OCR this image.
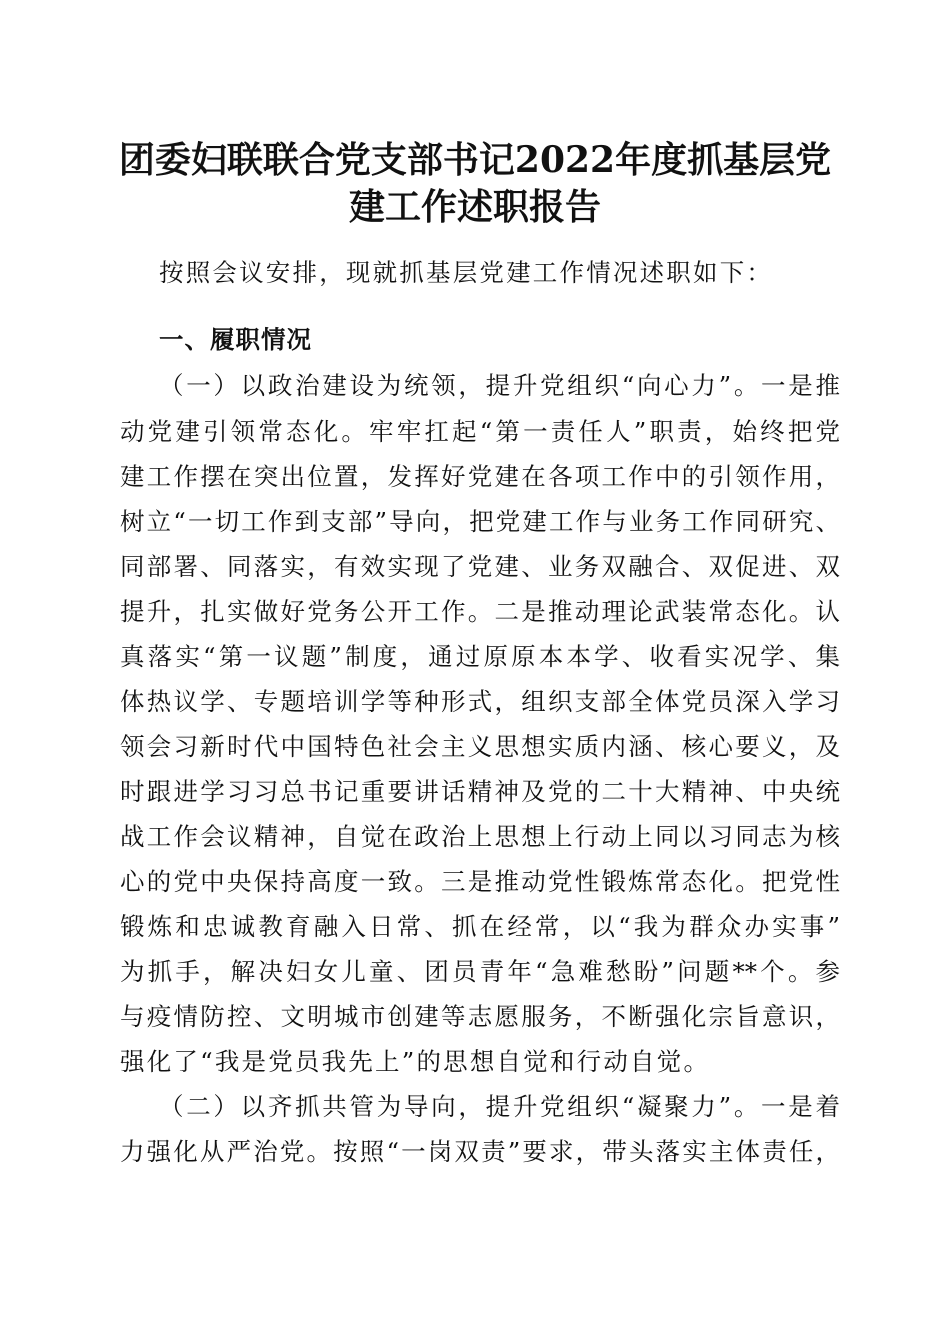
团委妇联联合党支部书记2022年度抓基层党
建工作述职报告
按照会议安排，现就抓基层党建工作情况述职如下：
一、履职情况
（一）以政治建设为统领，提升党组织“向心力”。一是推
动党建引领常态化。牢牢扛起“第一责任人”职责，始终把党
建工作摆在突出位置，发挥好党建在各项工作中的引领作用，
树立“一切工作到支部”导向，把党建工作与业务工作同研究、
同部署、同落实，有效实现了党建、业务双融合、双促进、双
提升，扎实做好党务公开工作。二是推动理论武装常态化。认
真落实“第一议题”制度，通过原原本本学、收看实况学、集
体热议学、专题培训学等种形式，组织支部全体党员深入学习
领会习新时代中国特色社会主义思想实质内涵、核心要义，及
时跟进学习习总书记重要讲话精神及党的二十大精神、中央统
战工作会议精神，自觉在政治上思想上行动上同以习同志为核
心的党中央保持高度一致。三是推动党性锻炼常态化。把党性
锻炼和忠诚教育融入日常、抓在经常，以“我为群众办实事”
为抓手，解决妇女儿童、团员青年“急难愁盼”问题**个。参
与疫情防控、文明城市创建等志愿服务，不断强化宗旨意识，
强化了“我是党员我先上”的思想自觉和行动自觉。
（二）以齐抓共管为导向，提升党组织“凝聚力”。一是着
力强化从严治党。按照“一岗双责”要求，带头落实主体责任，
